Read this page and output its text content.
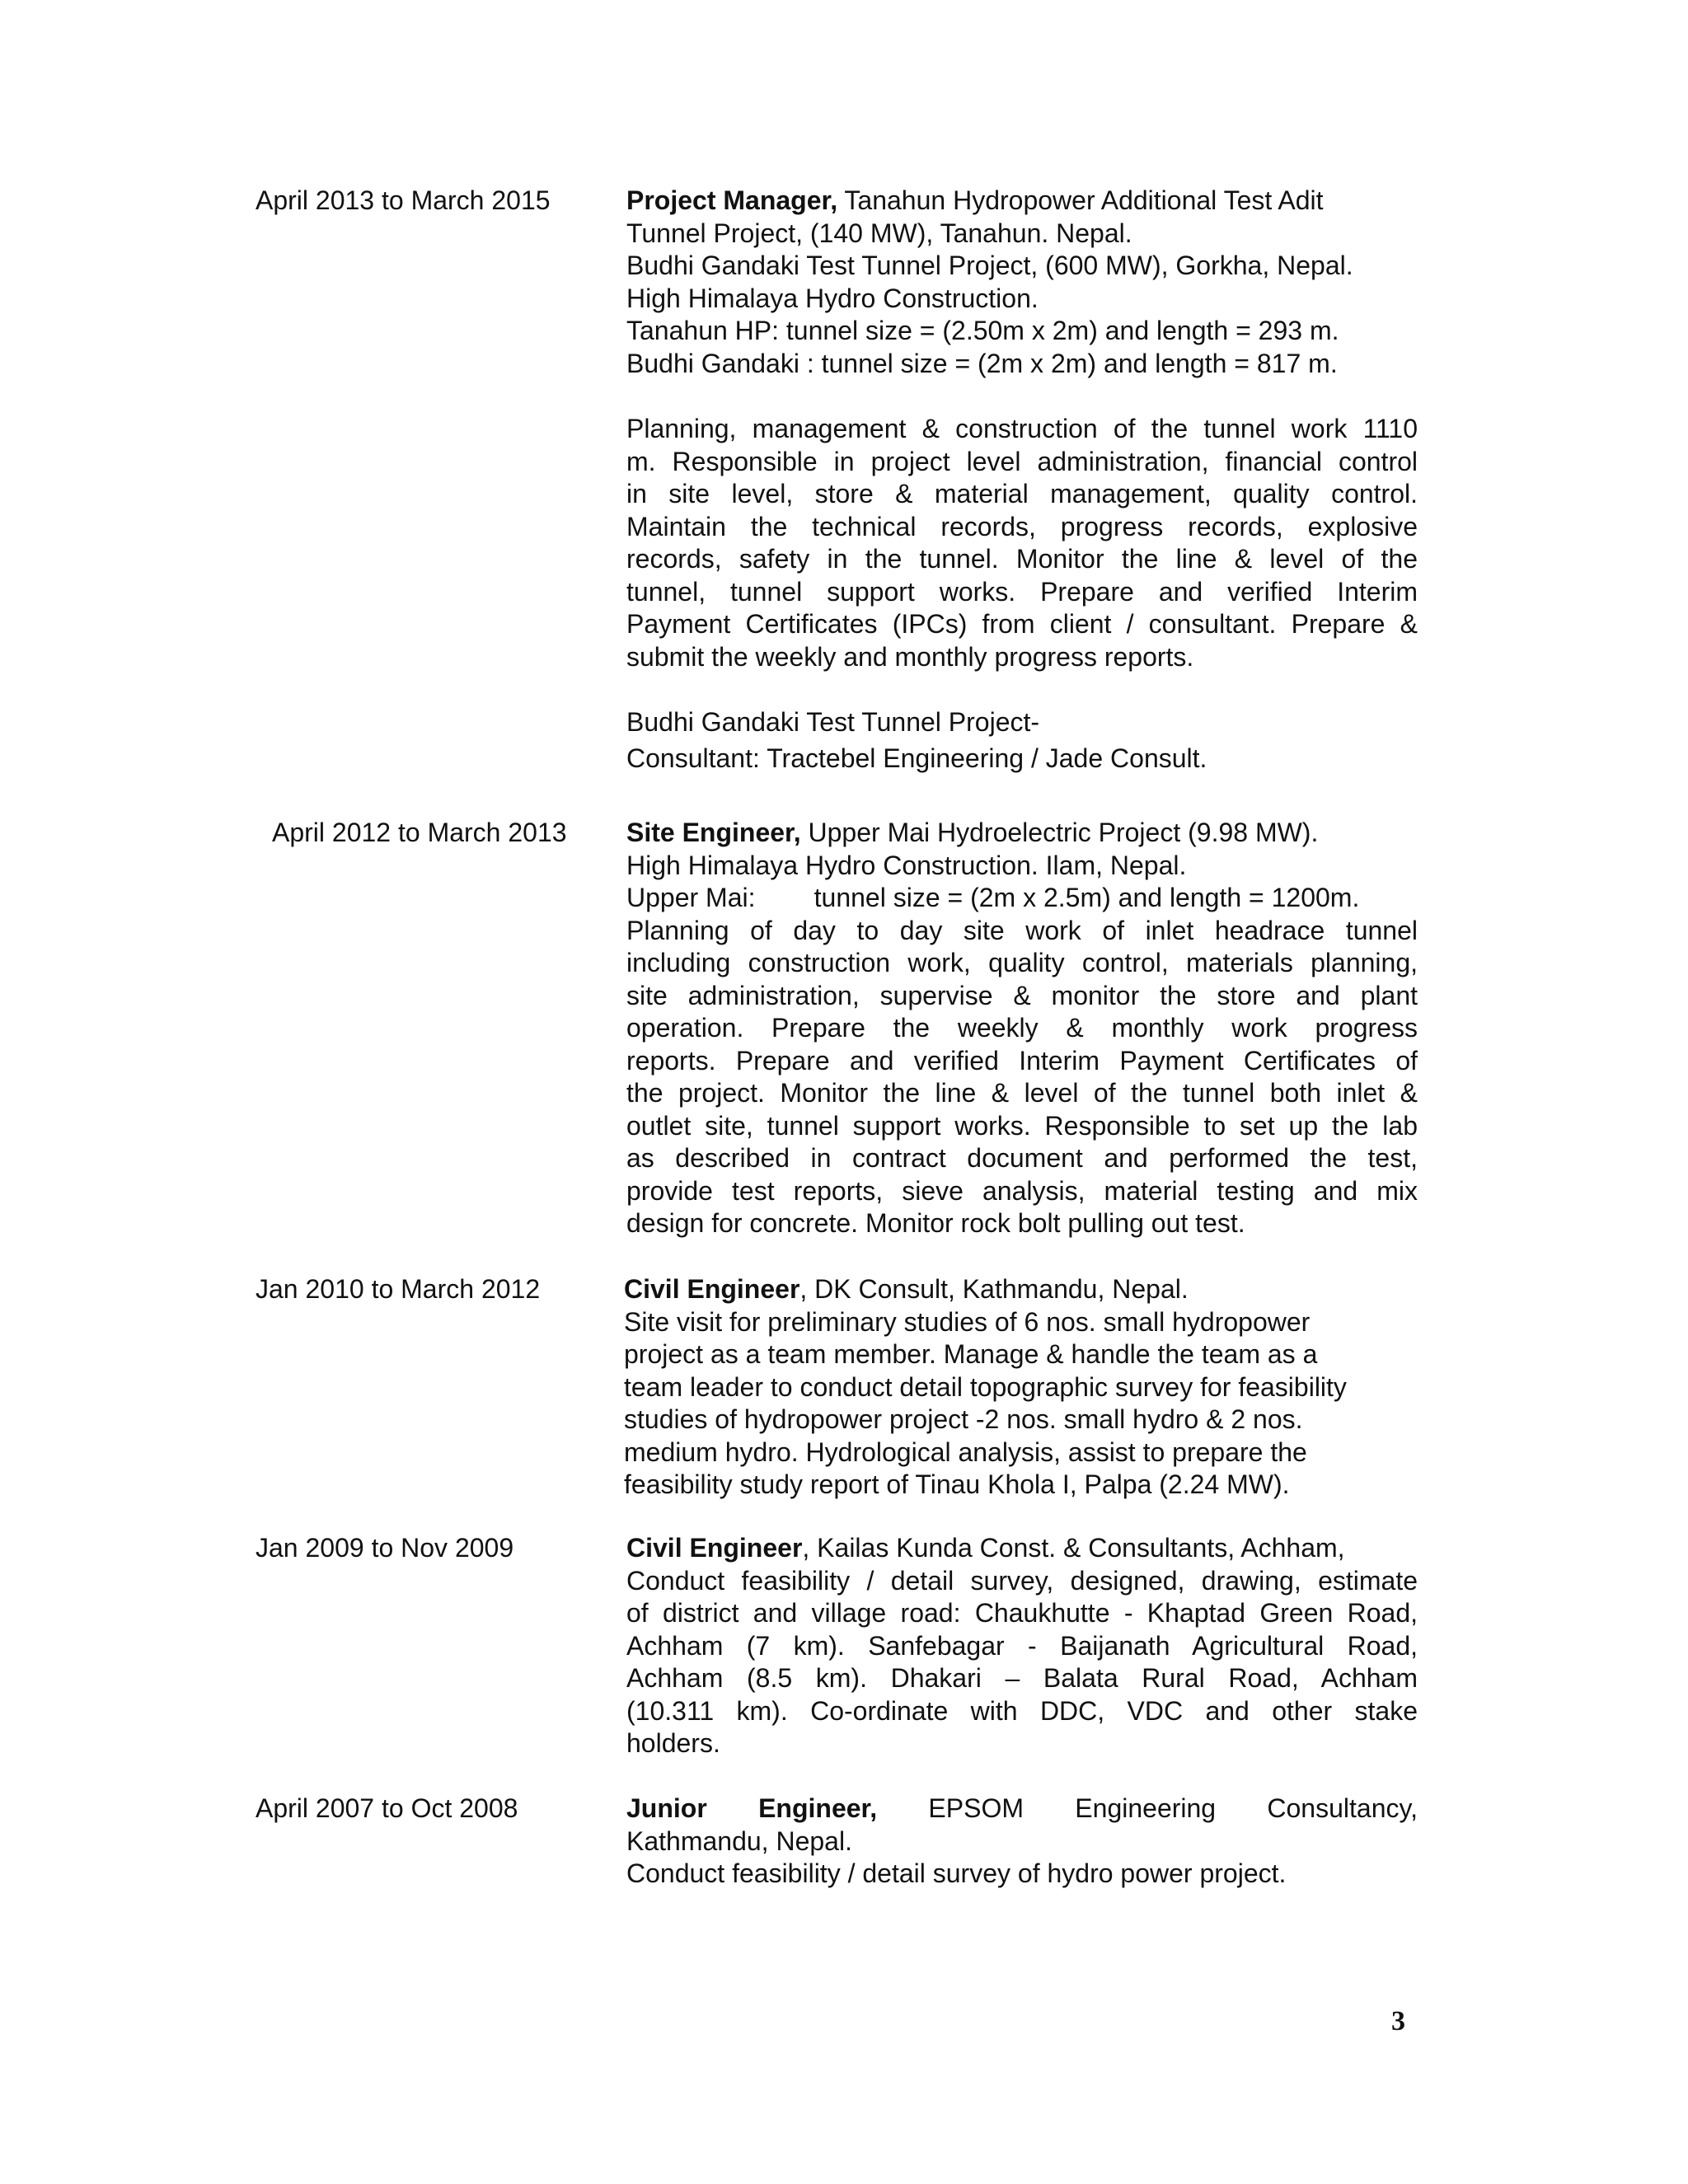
April 2013 to March 2015	Project Manager, Tanahun Hydropower Additional Test Adit
Tunnel Project, (140 MW), Tanahun. Nepal.
Budhi Gandaki Test Tunnel Project, (600 MW), Gorkha, Nepal.
High Himalaya Hydro Construction.
Tanahun HP: tunnel size = (2.50m x 2m) and length = 293 m.
Budhi Gandaki : tunnel size = (2m x 2m) and length = 817 m.
Planning, management & construction of the tunnel work 1110
m. Responsible in project level administration, financial control
in site level, store & material management, quality control.
Maintain the technical records, progress records, explosive
records, safety in the tunnel. Monitor the line & level of the
tunnel, tunnel support works. Prepare and verified Interim
Payment Certificates (IPCs) from client / consultant. Prepare &
submit the weekly and monthly progress reports.
Budhi Gandaki Test Tunnel Project-
Consultant: Tractebel Engineering / Jade Consult.
April 2012 to March 2013 Site Engineer, Upper Mai Hydroelectric Project (9.98 MW).
High Himalaya Hydro Construction. Ilam, Nepal.
Upper Mai:        tunnel size = (2m x 2.5m) and length = 1200m.
Planning of day to day site work of inlet headrace tunnel
including construction work, quality control, materials planning,
site administration, supervise & monitor the store and plant
operation. Prepare the weekly & monthly work progress
reports. Prepare and verified Interim Payment Certificates of
the project. Monitor the line & level of the tunnel both inlet &
outlet site, tunnel support works. Responsible to set up the lab
as described in contract document and performed the test,
provide test reports, sieve analysis, material testing and mix
design for concrete. Monitor rock bolt pulling out test.
Jan 2010 to March 2012	Civil Engineer, DK Consult, Kathmandu, Nepal.
Site visit for preliminary studies of 6 nos. small hydropower
project as a team member. Manage & handle the team as a
team leader to conduct detail topographic survey for feasibility
studies of hydropower project -2 nos. small hydro & 2 nos.
medium hydro. Hydrological analysis, assist to prepare the
feasibility study report of Tinau Khola I, Palpa (2.24 MW).
Jan 2009 to Nov 2009	Civil Engineer, Kailas Kunda Const. & Consultants, Achham,
Conduct feasibility / detail survey, designed, drawing, estimate
of district and village road: Chaukhutte - Khaptad Green Road,
Achham (7 km). Sanfebagar - Baijanath Agricultural Road,
Achham (8.5 km). Dhakari – Balata Rural Road, Achham
(10.311 km). Co-ordinate with DDC, VDC and other stake
holders.
April 2007 to Oct 2008	Junior Engineer, EPSOM Engineering Consultancy,
Kathmandu, Nepal.
Conduct feasibility / detail survey of hydro power project.
3
